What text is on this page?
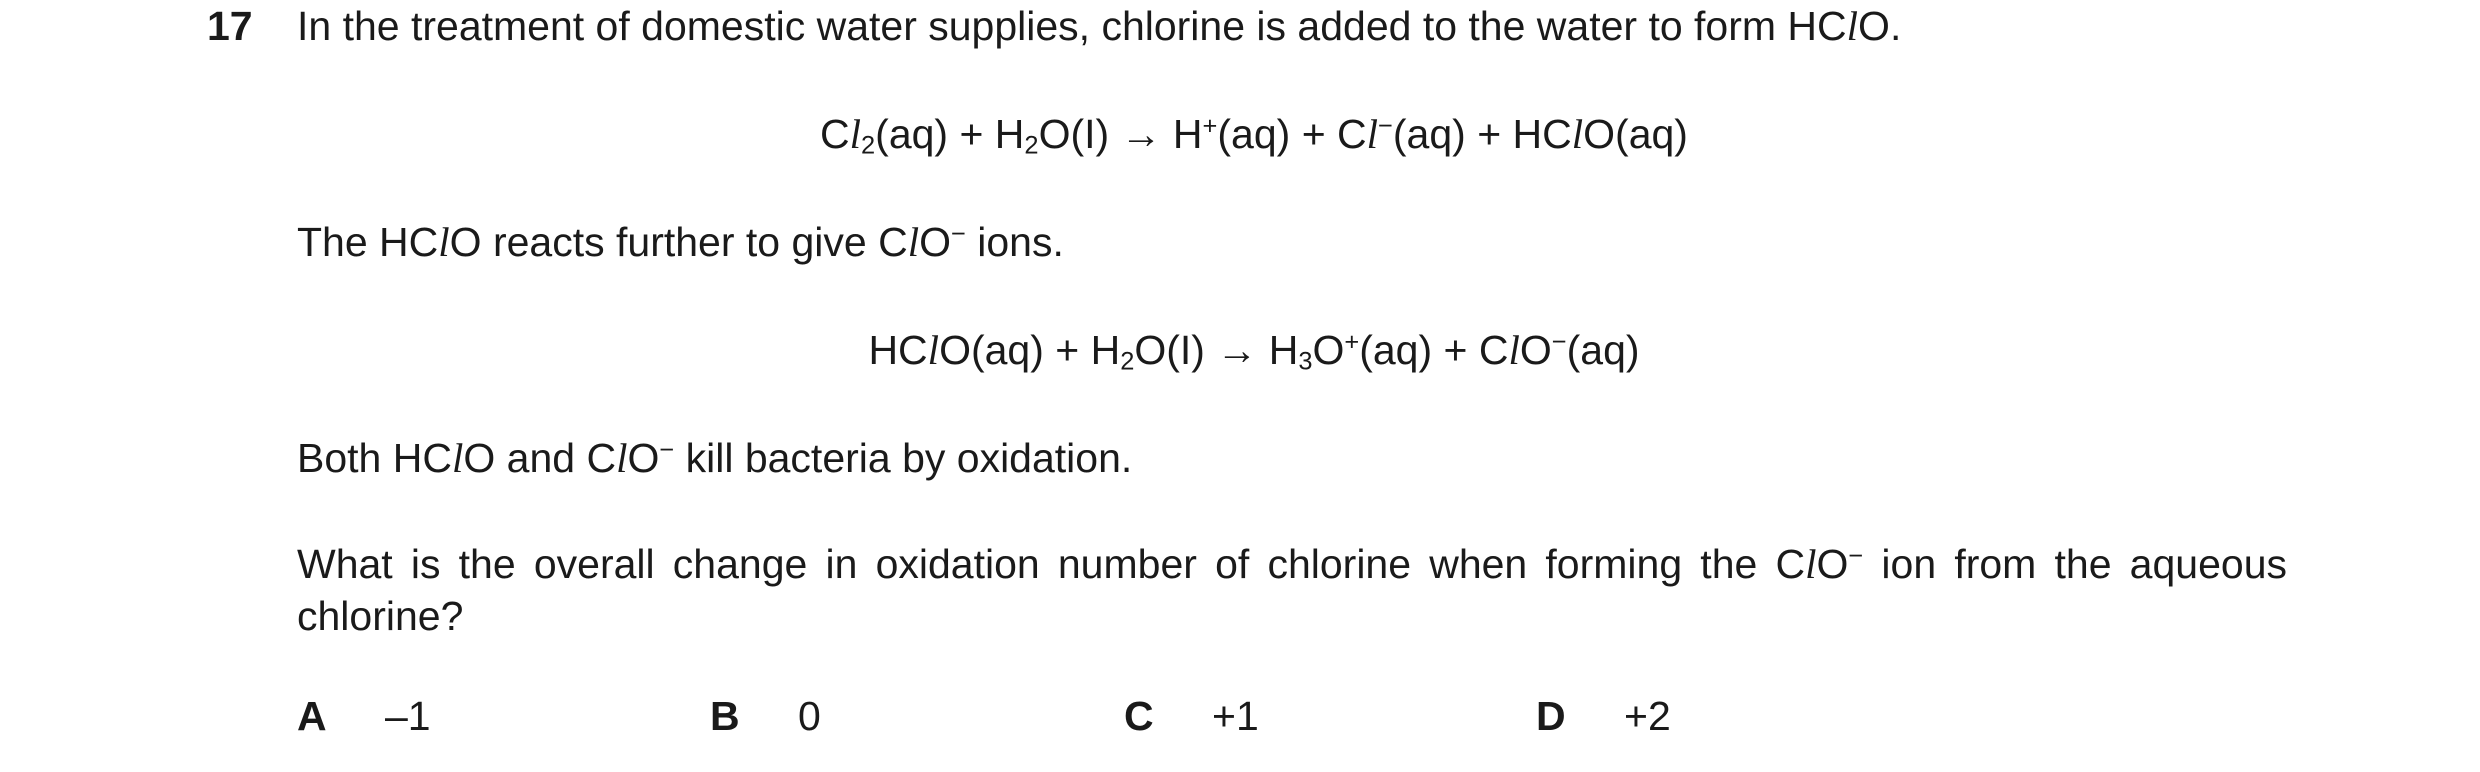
17 In the treatment of domestic water supplies, chlorine is added to the water to form HClO.
$Cl_2(aq) + H_2O(I) \to H^+(aq) + Cl^-(aq)$ + HClO(aq)
The HClO reacts further to give ClO− ions.
HClO(aq) + $H_2O(I) \to H_3O^+(aq) + ClO^-(aq)$
Both HClO and ClO− kill bacteria by oxidation.
What is the overall change in oxidation number of chlorine when forming the ClO− ion from the aqueous chlorine?
A –1	B 0	C +1	D +2
